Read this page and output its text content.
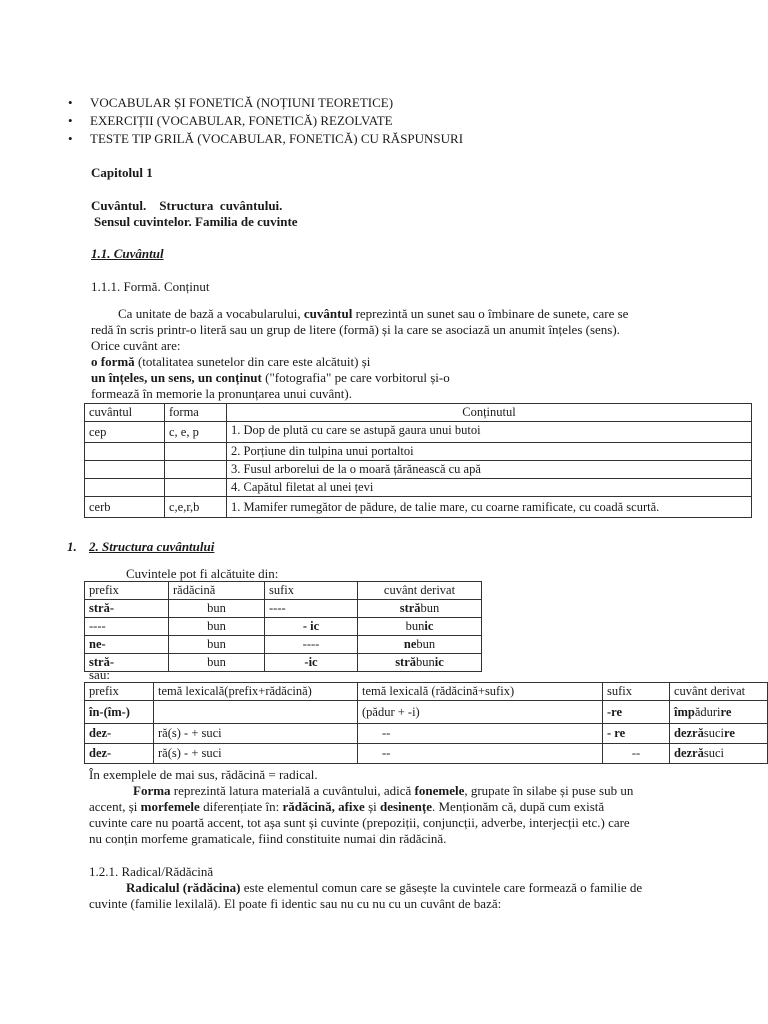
• VOCABULAR ȘI FONETICĂ (NOȚIUNI TEORETICE)
• EXERCIȚII (VOCABULAR, FONETICĂ) REZOLVATE
• TESTE TIP GRILĂ (VOCABULAR, FONETICĂ) CU RĂSPUNSURI
Capitolul 1
Cuvântul.    Structura  cuvântului.
Sensul cuvintelor. Familia de cuvinte
1.1. Cuvântul
1.1.1. Formă. Conținut
Ca unitate de bază a vocabularului, cuvântul reprezintă un sunet sau o îmbinare de sunete, care se
redă în scris printr-o literă sau un grup de litere (formă) și la care se asociază un anumit înțeles (sens).
Orice cuvânt are:
o formă (totalitatea sunetelor din care este alcătuit) și
un înțeles, un sens, un conținut ("fotografia" pe care vorbitorul și-o
formează în memorie la pronunțarea unui cuvânt).
cuvântul	forma	Conținutul
cep	c, e, p	1. Dop de plută cu care se astupă gaura unui butoi
		2. Porțiune din tulpina unui portaltoi
		3. Fusul arborelui de la o moară țărănească cu apă
		4. Capătul filetat al unei țevi
cerb	c,e,r,b	1. Mamifer rumegător de pădure, de talie mare, cu coarne ramificate, cu coadă scurtă.
1. 2. Structura cuvântului
Cuvintele pot fi alcătuite din:
prefix	rădăcină	sufix	cuvânt derivat
stră-	bun	----	străbun
----	bun	- ic	bunic
ne-	bun	----	nebun
stră-	bun	-ic	străbunic
sau:
prefix	temă lexicală(prefix+rădăcină)	temă lexicală (rădăcină+sufix)	sufix	cuvânt derivat
în-(îm-)		(pădur + -i)	-re	împădurire
dez-	ră(s) - + suci	--	- re	dezrăsucire
dez-	ră(s) - + suci	--	--	dezrăsuci
În exemplele de mai sus, rădăcină = radical.
Forma reprezintă latura materială a cuvântului, adică fonemele, grupate în silabe și puse sub un
accent, și morfemele diferențiate în: rădăcină, afixe și desinențe. Menționăm că, după cum există
cuvinte care nu poartă accent, tot așa sunt și cuvinte (prepoziții, conjuncții, adverbe, interjecții etc.) care
nu conțin morfeme gramaticale, fiind constituite numai din rădăcină.
1.2.1. Radical/Rădăcină
Radicalul (rădăcina) este elementul comun care se găsește la cuvintele care formează o familie de
cuvinte (familie lexilală). El poate fi identic sau nu cu nu cu un cuvânt de bază:
